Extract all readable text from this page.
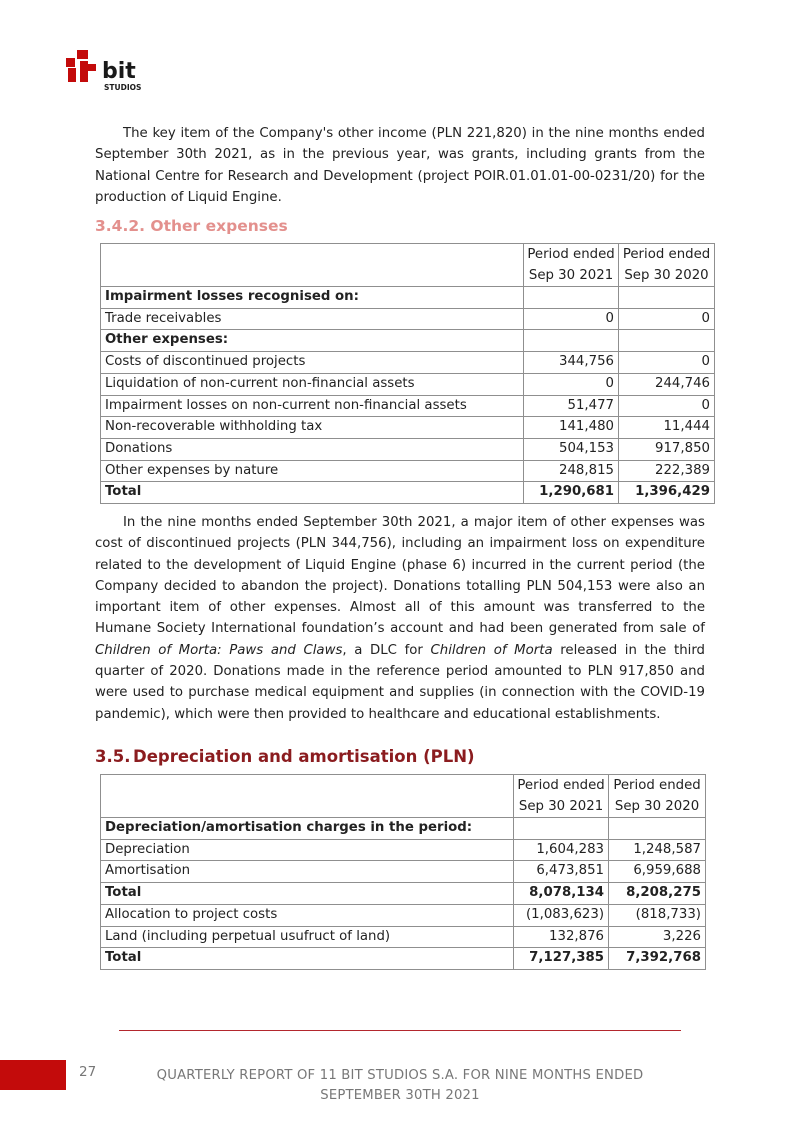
bit
STUDIOS

The key item of the Company's other income (PLN 221,820) in the nine months ended September 30th 2021, as in the previous year, was grants, including grants from the National Centre for Research and Development (project POIR.01.01.01-00-0231/20) for the production of Liquid Engine.

3.4.2. Other expenses
	Period ended Sep 30 2021	Period ended Sep 30 2020
Impairment losses recognised on:		
Trade receivables	0	0
Other expenses:		
Costs of discontinued projects	344,756	0
Liquidation of non-current non-financial assets	0	244,746
Impairment losses on non-current non-financial assets	51,477	0
Non-recoverable withholding tax	141,480	11,444
Donations	504,153	917,850
Other expenses by nature	248,815	222,389
Total	1,290,681	1,396,429

In the nine months ended September 30th 2021, a major item of other expenses was cost of discontinued projects (PLN 344,756), including an impairment loss on expenditure related to the development of Liquid Engine (phase 6) incurred in the current period (the Company decided to abandon the project). Donations totalling PLN 504,153 were also an important item of other expenses. Almost all of this amount was transferred to the Humane Society International foundation’s account and had been generated from sale of Children of Morta: Paws and Claws, a DLC for Children of Morta released in the third quarter of 2020. Donations made in the reference period amounted to PLN 917,850 and were used to purchase medical equipment and supplies (in connection with the COVID-19 pandemic), which were then provided to healthcare and educational establishments.

3.5. Depreciation and amortisation (PLN)
	Period ended Sep 30 2021	Period ended Sep 30 2020
Depreciation/amortisation charges in the period:		
Depreciation	1,604,283	1,248,587
Amortisation	6,473,851	6,959,688
Total	8,078,134	8,208,275
Allocation to project costs	(1,083,623)	(818,733)
Land (including perpetual usufruct of land)	132,876	3,226
Total	7,127,385	7,392,768
27	QUARTERLY REPORT OF 11 BIT STUDIOS S.A. FOR NINE MONTHS ENDED SEPTEMBER 30TH 2021
